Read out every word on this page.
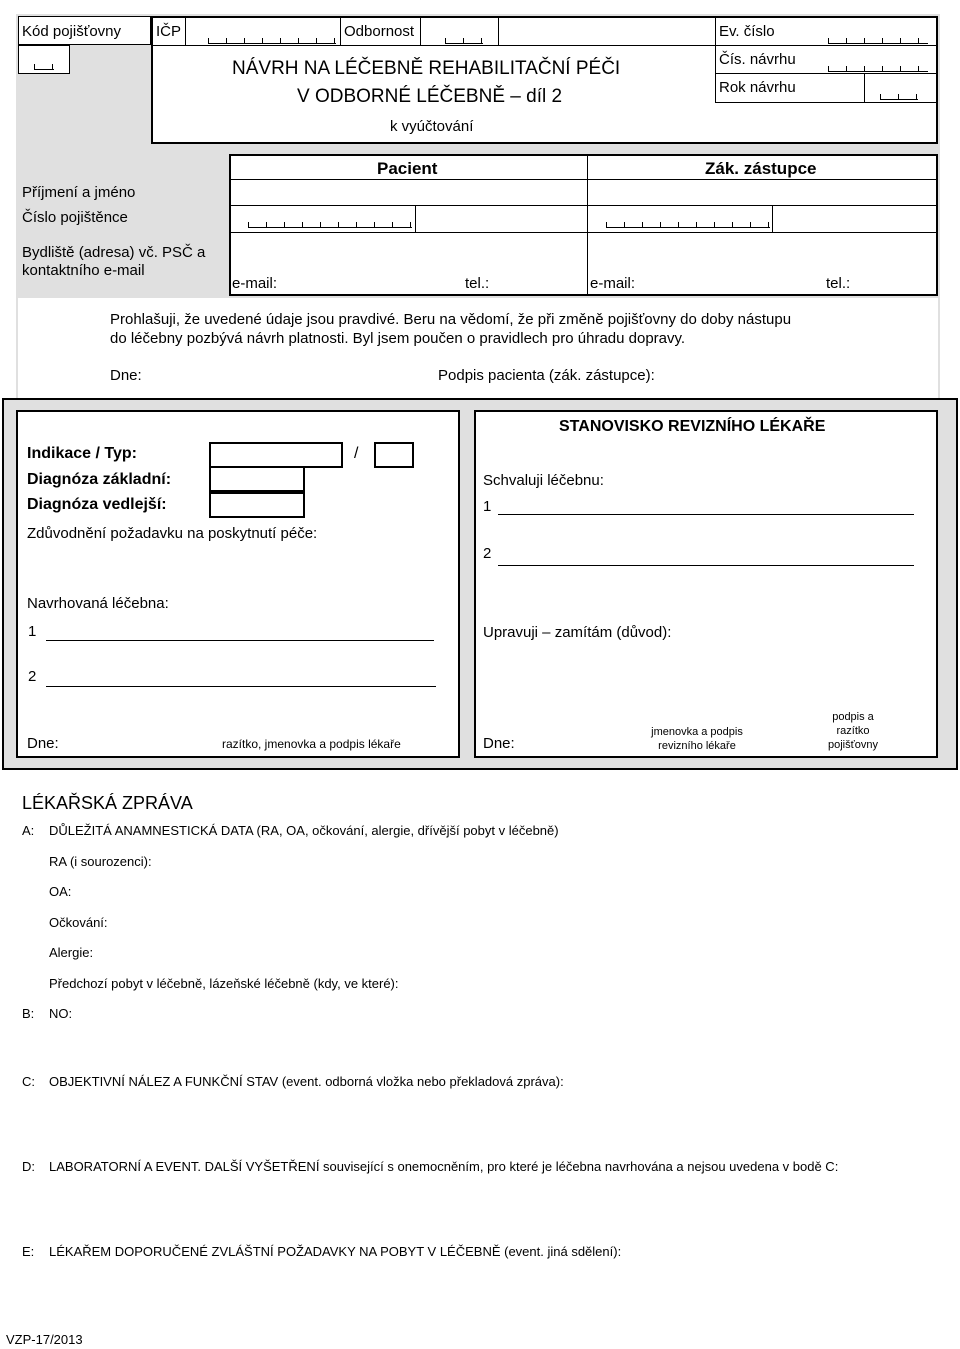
Kód pojišťovny IČP	Odbornost
NÁVRH NA LÉČEBNĚ REHABILITAČNÍ PÉČI
V ODBORNÉ LÉČEBNĚ – díl 2
k vyúčtování
Ev. číslo
Čís. návrhu
Rok návrhu
Pacient	Zák. zástupce
Příjmení a jméno
Číslo pojištěnce
Bydliště (adresa) vč. PSČ a
kontaktního e-mail
e-mail:	tel.:	e-mail:	tel.:
Prohlašuji, že uvedené údaje jsou pravdivé. Beru na vědomí, že při změně pojišťovny do doby nástupu
do léčebny pozbývá návrh platnosti. Byl jsem poučen o pravidlech pro úhradu dopravy.
Dne:	Podpis pacienta (zák. zástupce):
Indikace / Typ:	/
Diagnóza základní:
Diagnóza vedlejší:
Zdůvodnění požadavku na poskytnutí péče:
Navrhovaná léčebna:
1
2
Dne:	razítko, jmenovka a podpis lékaře
STANOVISKO REVIZNÍHO LÉKAŘE
Schvaluji léčebnu:
1
2
Upravuji – zamítám (důvod):
Dne:
jmenovka a podpis
revizního lékaře
podpis a
razítko
pojišťovny
LÉKAŘSKÁ ZPRÁVA
A: DŮLEŽITÁ ANAMNESTICKÁ DATA (RA, OA, očkování, alergie, dřívější pobyt v léčebně)
RA (i sourozenci):
OA:
Očkování:
Alergie:
Předchozí pobyt v léčebně, lázeňské léčebně (kdy, ve které):
B: NO:
C: OBJEKTIVNÍ NÁLEZ A FUNKČNÍ STAV (event. odborná vložka nebo překladová zpráva):
D: LABORATORNÍ A EVENT. DALŠÍ VYŠETŘENÍ související s onemocněním, pro které je léčebna navrhována a nejsou uvedena v bodě C:
E: LÉKAŘEM DOPORUČENÉ ZVLÁŠTNÍ POŽADAVKY NA POBYT V LÉČEBNĚ (event. jiná sdělení):
VZP-17/2013
